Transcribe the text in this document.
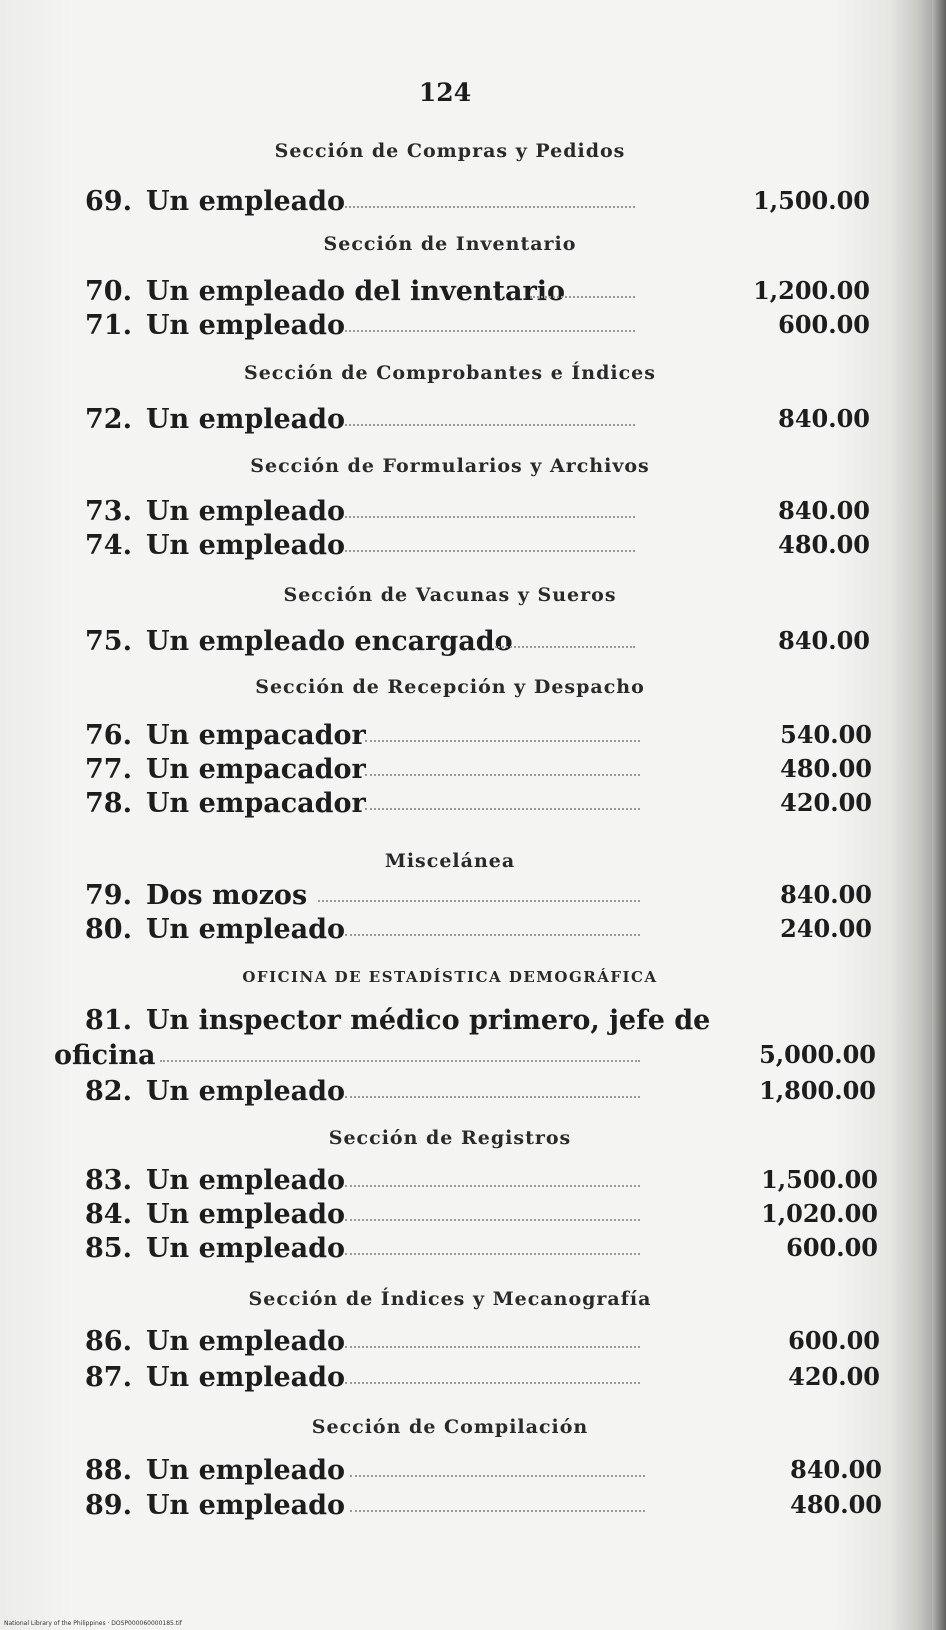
124
Sección de Compras y Pedidos
69. Un empleado	1,500.00
Sección de Inventario
70. Un empleado del inventario	1,200.00
71. Un empleado	600.00
Sección de Comprobantes e Índices
72. Un empleado	840.00
Sección de Formularios y Archivos
73. Un empleado	840.00
74. Un empleado	480.00
Sección de Vacunas y Sueros
75. Un empleado encargado	840.00
Sección de Recepción y Despacho
76. Un empacador	540.00
77. Un empacador	480.00
78. Un empacador	420.00
Miscelánea
79. Dos mozos	840.00
80. Un empleado	240.00
OFICINA DE ESTADÍSTICA DEMOGRÁFICA
81. Un inspector médico primero, jefe de
oficina	5,000.00
82. Un empleado	1,800.00
Sección de Registros
83. Un empleado	1,500.00
84. Un empleado	1,020.00
85. Un empleado	600.00
Sección de Índices y Mecanografía
86. Un empleado	600.00
87. Un empleado	420.00
Sección de Compilación
88. Un empleado	840.00
89. Un empleado	480.00
National Library of the Philippines · DOSP000060000185.tif
